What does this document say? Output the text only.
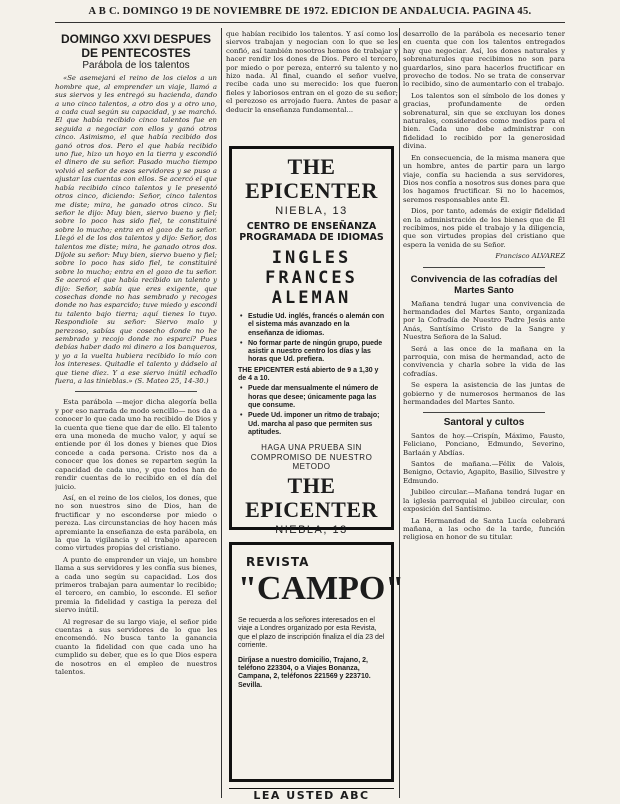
A B C. DOMINGO 19 DE NOVIEMBRE DE 1972. EDICION DE ANDALUCIA. PAGINA 45.
DOMINGO XXVI DESPUES DE PENTECOSTES
Parábola de los talentos

«Se asemejará el reino de los cielos a un hombre que, al emprender un viaje, llamó a sus siervos y les entregó su hacienda, dando a uno cinco talentos, a otro dos y a otro uno, a cada cual según su capacidad, y se marchó. El que había recibido cinco talentos fue en seguida a negociar con ellos y ganó otros cinco. Asimismo, el que había recibido dos ganó otros dos. Pero el que había recibido uno fue, hizo un hoyo en la tierra y escondió el dinero de su señor. Pasado mucho tiempo volvió el señor de esos servidores y se puso a ajustar las cuentas con ellos. Se acercó el que había recibido cinco talentos y le presentó otros cinco, diciendo: Señor, cinco talentos me diste; mira, he ganado otros cinco. Su señor le dijo: Muy bien, siervo bueno y fiel; sobre lo poco has sido fiel, te constituiré sobre lo mucho; entra en el gozo de tu señor. Llegó el de los dos talentos y dijo: Señor, dos talentos me diste; mira, he ganado otros dos. Díjole su señor: Muy bien, siervo bueno y fiel; sobre lo poco has sido fiel, te constituiré sobre lo mucho; entra en el gozo de tu señor. Se acercó el que había recibido un talento y dijo: Señor, sabía que eres exigente, que cosechas donde no has sembrado y recoges donde no has esparcido; tuve miedo y escondí tu talento bajo tierra; aquí tienes lo tuyo. Respondiole su señor: Siervo malo y perezoso, sabías que cosecho donde no he sembrado y recojo donde no esparcí? Pues debías haber dado mi dinero a los banqueros, y yo a la vuelta hubiera recibido lo mío con los intereses. Quitadle el talento y dádselo al que tiene diez. Y a ese siervo inútil echadlo fuera, a las tinieblas.» (S. Mateo 25, 14-30.)

Esta parábola —mejor dicha alegoría bella y por eso narrada de modo sencillo— nos da a conocer lo que cada uno ha recibido de Dios y la cuenta que tiene que dar de ello. El talento era una moneda de mucho valor, y aquí se entiende por él los dones y bienes que Dios concede a cada persona. Cristo nos da a conocer que los dones se reparten según la capacidad de cada uno, y que todos han de rendir cuentas de lo recibido en el día del juicio.

Así, en el reino de los cielos, los dones, que no son nuestros sino de Dios, han de fructificar y no esconderse por miedo o pereza. Las circunstancias de hoy hacen más apremiante la enseñanza de esta parábola, en la que la vigilancia y el trabajo aparecen como virtudes propias del cristiano.

A punto de emprender un viaje, un hombre llama a sus servidores y les confía sus bienes, a cada uno según su capacidad. Los dos primeros trabajan para aumentar lo recibido; el tercero, en cambio, lo esconde. El señor premia la fidelidad y castiga la pereza del siervo inútil.

Al regresar de su largo viaje, el señor pide cuentas a sus servidores de lo que les encomendó. No busca tanto la ganancia cuanto la fidelidad con que cada uno ha cumplido su deber, que es lo que Dios espera de nosotros en el empleo de nuestros talentos.

que habían recibido los talentos. Y así como los siervos trabajan y negocian con lo que se les confió, así también nosotros hemos de trabajar y hacer rendir los dones de Dios. Pero el tercero, por miedo o por pereza, enterró su talento y no hizo nada. Al final, cuando el señor vuelve, recibe cada uno su merecido: los que fueron fieles y laboriosos entran en el gozo de su señor; el perezoso es arrojado fuera. Antes de pasar a deducir la enseñanza fundamental...

THE EPICENTER
NIEBLA, 13
CENTRO DE ENSEÑANZA
PROGRAMADA DE IDIOMAS
INGLES
FRANCES
ALEMAN
• Estudie Ud. inglés, francés o alemán con el sistema más avanzado en la enseñanza de idiomas.
• No formar parte de ningún grupo, puede asistir a nuestro centro los días y las horas que Ud. prefiera.
THE EPICENTER está abierto de 9 a 1,30 y de 4 a 10.
• Puede dar mensualmente el número de horas que desee; únicamente paga las que consume.
• Puede Ud. imponer un ritmo de trabajo; Ud. marcha al paso que permiten sus aptitudes.
HAGA UNA PRUEBA SIN COMPROMISO DE NUESTRO METODO
THE EPICENTER
NIEBLA, 13
REVISTA
"CAMPO"
Se recuerda a los señores interesados en el viaje a Londres organizado por esta Revista, que el plazo de inscripción finaliza el día 23 del corriente.
Diríjase a nuestro domicilio, Trajano, 2, teléfono 223304, o a Viajes Bonanza, Campana, 2, teléfonos 221569 y 223710. Sevilla.
LEA USTED ABC

desarrollo de la parábola es necesario tener en cuenta que con los talentos entregados hay que negociar. Así, los dones naturales y sobrenaturales que recibimos no son para guardarlos, sino para hacerlos fructificar en provecho de todos. No se trata de conservar lo recibido, sino de aumentarlo con el trabajo.

Los talentos son el símbolo de los dones y gracias, profundamente de orden sobrenatural, sin que se excluyan los dones naturales, considerados como medios para el bien. Cada uno debe administrar con fidelidad lo recibido por la generosidad divina.

En consecuencia, de la misma manera que un hombre, antes de partir para un largo viaje, confía su hacienda a sus servidores, Dios nos confía a nosotros sus dones para que los hagamos fructificar. Si no lo hacemos, seremos responsables ante Él.

Dios, por tanto, además de exigir fidelidad en la administración de los bienes que de Él recibimos, nos pide el trabajo y la diligencia, que son virtudes propias del cristiano que espera la venida de su Señor.

Francisco ALVAREZ
Convivencia de las cofradías del Martes Santo

Mañana tendrá lugar una convivencia de hermandades del Martes Santo, organizada por la Cofradía de Nuestro Padre Jesús ante Anás, Santísimo Cristo de la Sangre y Nuestra Señora de la Salud.

Será a las once de la mañana en la parroquia, con misa de hermandad, acto de convivencia y charla sobre la vida de las cofradías.

Se espera la asistencia de las juntas de gobierno y de numerosos hermanos de las hermandades del Martes Santo.

Santoral y cultos

Santos de hoy.—Crispín, Máximo, Fausto, Feliciano, Ponciano, Edmundo, Severino, Barlaán y Abdías.

Santos de mañana.—Félix de Valois, Benigno, Octavio, Agapito, Basilio, Silvestre y Edmundo.

Jubileo circular.—Mañana tendrá lugar en la iglesia parroquial el jubileo circular, con exposición del Santísimo.

La Hermandad de Santa Lucía celebrará mañana, a las ocho de la tarde, función religiosa en honor de su titular.
